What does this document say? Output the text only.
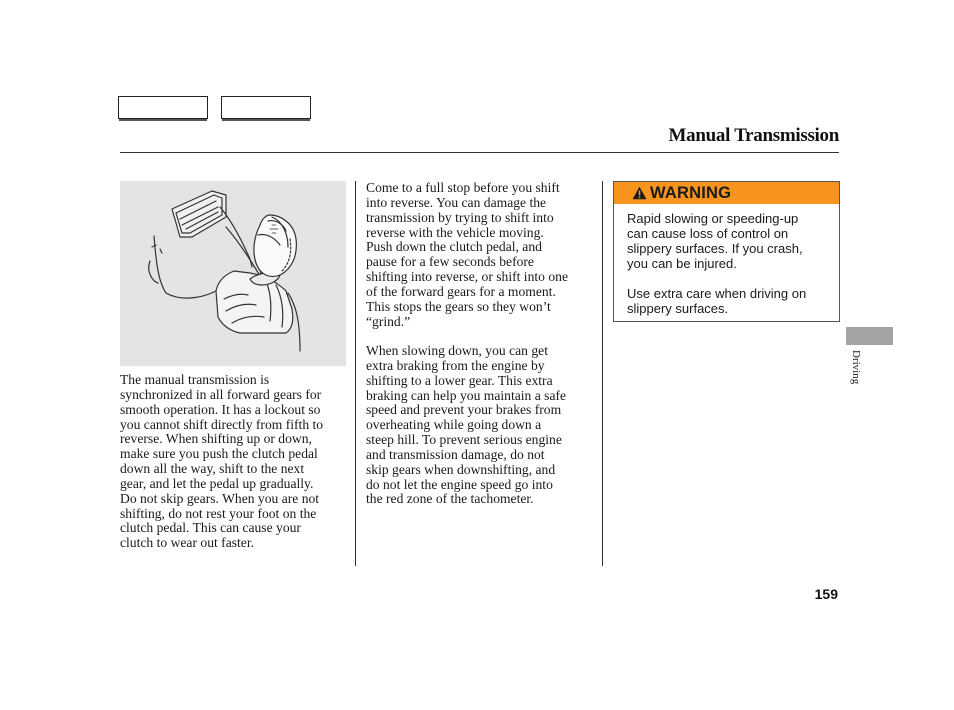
Manual Transmission
The manual transmission is
synchronized in all forward gears for
smooth operation. It has a lockout so
you cannot shift directly from fifth to
reverse. When shifting up or down,
make sure you push the clutch pedal
down all the way, shift to the next
gear, and let the pedal up gradually.
Do not skip gears. When you are not
shifting, do not rest your foot on the
clutch pedal. This can cause your
clutch to wear out faster.
Come to a full stop before you shift
into reverse. You can damage the
transmission by trying to shift into
reverse with the vehicle moving.
Push down the clutch pedal, and
pause for a few seconds before
shifting into reverse, or shift into one
of the forward gears for a moment.
This stops the gears so they won’t
“grind.”
When slowing down, you can get
extra braking from the engine by
shifting to a lower gear. This extra
braking can help you maintain a safe
speed and prevent your brakes from
overheating while going down a
steep hill. To prevent serious engine
and transmission damage, do not
skip gears when downshifting, and
do not let the engine speed go into
the red zone of the tachometer.
WARNING
Rapid slowing or speeding-up
can cause loss of control on
slippery surfaces. If you crash,
you can be injured.
Use extra care when driving on
slippery surfaces.
Driving
159
